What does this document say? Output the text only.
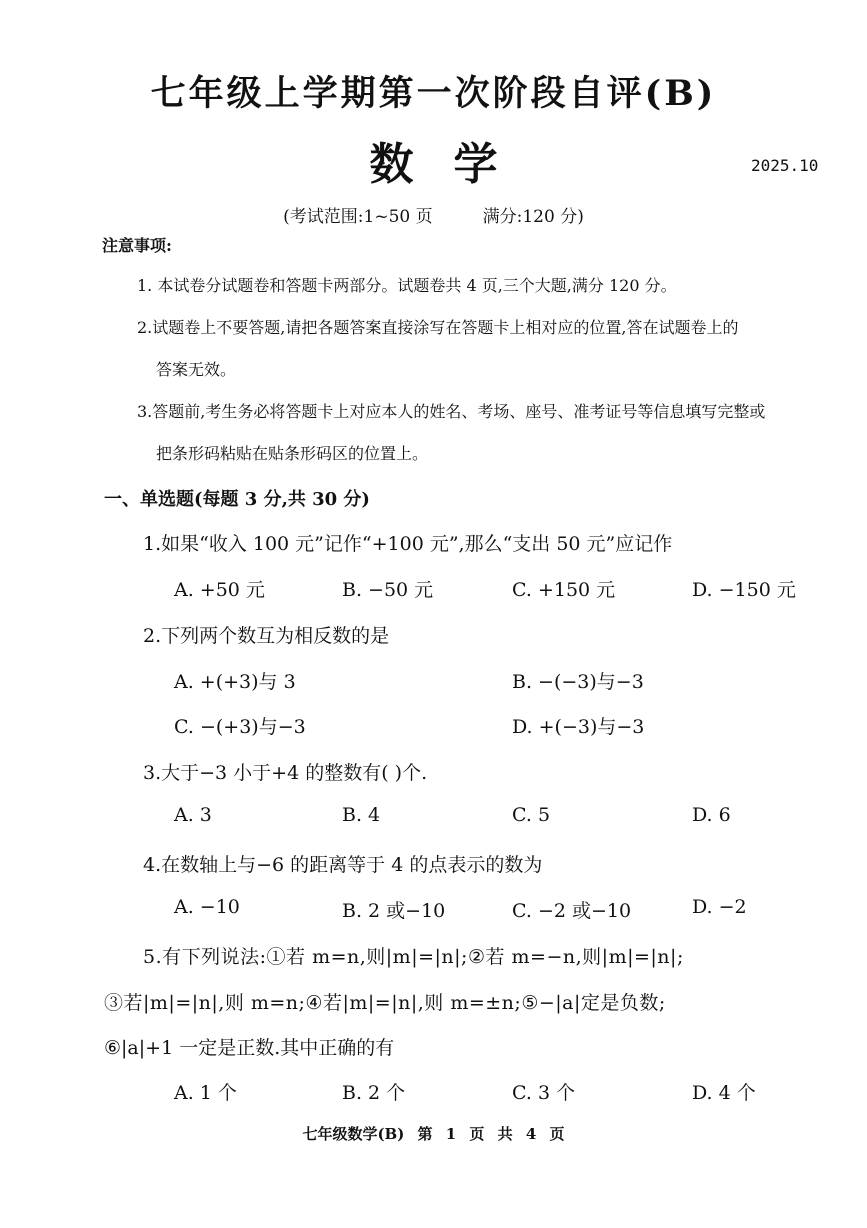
七年级上学期第一次阶段自评(B)
数学	2025.10
(考试范围:1~50 页	满分:120 分)
注意事项:
1. 本试卷分试题卷和答题卡两部分。试题卷共 4 页,三个大题,满分 120 分。
2.试题卷上不要答题,请把各题答案直接涂写在答题卡上相对应的位置,答在试题卷上的
答案无效。
3.答题前,考生务必将答题卡上对应本人的姓名、考场、座号、准考证号等信息填写完整或
把条形码粘贴在贴条形码区的位置上。
一、单选题(每题 3 分,共 30 分)
1.如果“收入 100 元”记作“+100 元”,那么“支出 50 元”应记作
A. +50 元	B. −50 元	C. +150 元	D. −150 元
2.下列两个数互为相反数的是
A. +(+3)与 3	B. −(−3)与−3
C. −(+3)与−3	D. +(−3)与−3
3.大于−3 小于+4 的整数有( )个.
A. 3	B. 4	C. 5	D. 6
4.在数轴上与−6 的距离等于 4 的点表示的数为
A. −10	B. 2 或−10	C. −2 或−10	D. −2
5.有下列说法:①若 m=n,则|m|=|n|;②若 m=−n,则|m|=|n|;
③若|m|=|n|,则 m=n;④若|m|=|n|,则 m=±n;⑤−|a|定是负数;
⑥|a|+1 一定是正数.其中正确的有
A. 1 个	B. 2 个	C. 3 个	D. 4 个
七年级数学(B) 第 1 页 共 4 页
